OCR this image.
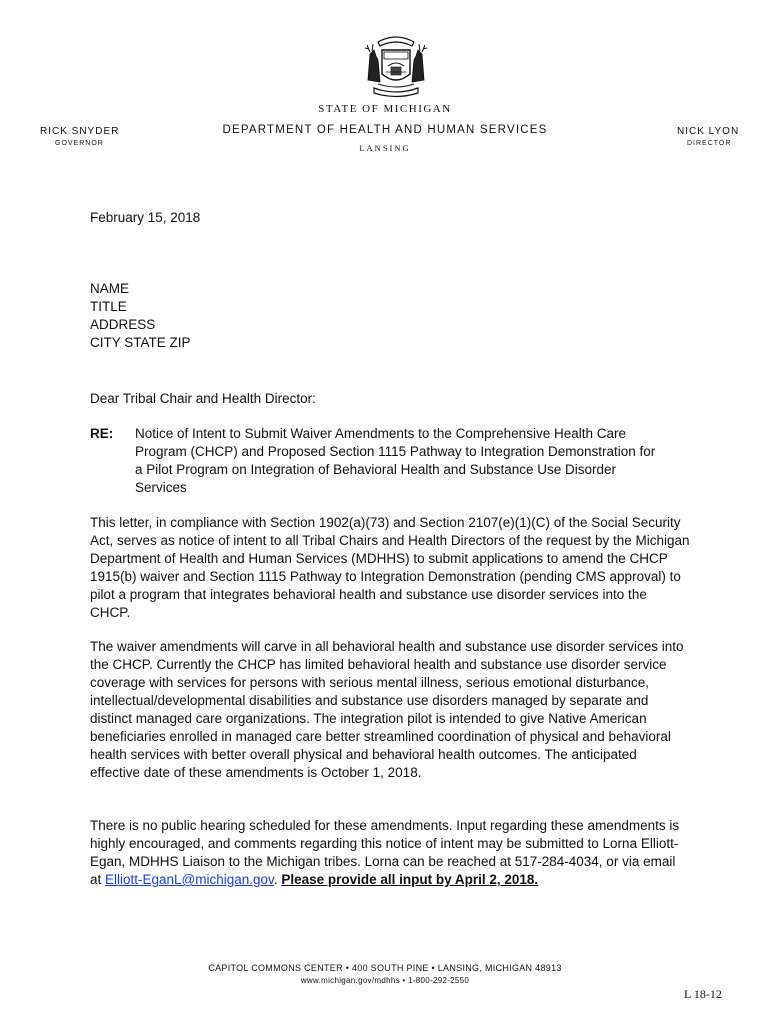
STATE OF MICHIGAN
DEPARTMENT OF HEALTH AND HUMAN SERVICES
LANSING
RICK SNYDER
GOVERNOR
NICK LYON
DIRECTOR
February 15, 2018
NAME
TITLE
ADDRESS
CITY STATE ZIP
Dear Tribal Chair and Health Director:
RE: Notice of Intent to Submit Waiver Amendments to the Comprehensive Health Care Program (CHCP) and Proposed Section 1115 Pathway to Integration Demonstration for a Pilot Program on Integration of Behavioral Health and Substance Use Disorder Services
This letter, in compliance with Section 1902(a)(73) and Section 2107(e)(1)(C) of the Social Security Act, serves as notice of intent to all Tribal Chairs and Health Directors of the request by the Michigan Department of Health and Human Services (MDHHS) to submit applications to amend the CHCP 1915(b) waiver and Section 1115 Pathway to Integration Demonstration (pending CMS approval) to pilot a program that integrates behavioral health and substance use disorder services into the CHCP.
The waiver amendments will carve in all behavioral health and substance use disorder services into the CHCP. Currently the CHCP has limited behavioral health and substance use disorder service coverage with services for persons with serious mental illness, serious emotional disturbance, intellectual/developmental disabilities and substance use disorders managed by separate and distinct managed care organizations. The integration pilot is intended to give Native American beneficiaries enrolled in managed care better streamlined coordination of physical and behavioral health services with better overall physical and behavioral health outcomes. The anticipated effective date of these amendments is October 1, 2018.
There is no public hearing scheduled for these amendments. Input regarding these amendments is highly encouraged, and comments regarding this notice of intent may be submitted to Lorna Elliott-Egan, MDHHS Liaison to the Michigan tribes. Lorna can be reached at 517-284-4034, or via email at Elliott-EganL@michigan.gov. Please provide all input by April 2, 2018.
CAPITOL COMMONS CENTER • 400 SOUTH PINE • LANSING, MICHIGAN 48913
www.michigan.gov/mdhhs • 1-800-292-2550
L 18-12
